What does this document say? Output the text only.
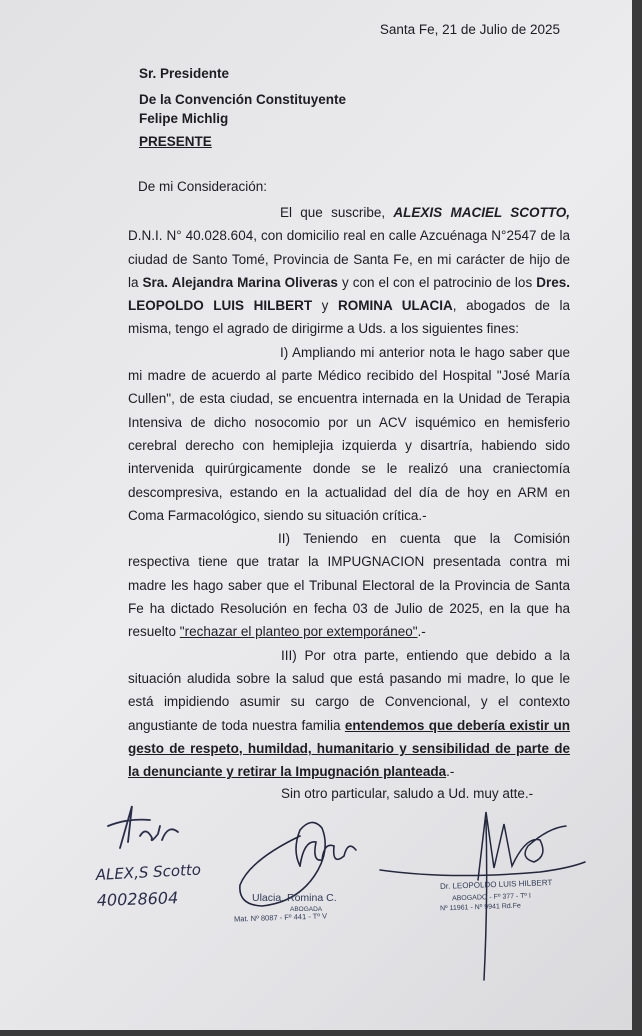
Santa Fe, 21 de Julio de 2025
Sr. Presidente
De la Convención Constituyente
Felipe Michlig
PRESENTE
De mi Consideración:

El que suscribe, ALEXIS MACIEL SCOTTO, D.N.I. N° 40.028.604, con domicilio real en calle Azcuénaga N°2547 de la ciudad de Santo Tomé, Provincia de Santa Fe, en mi carácter de hijo de la Sra. Alejandra Marina Oliveras y con el con el patrocinio de los Dres. LEOPOLDO LUIS HILBERT y ROMINA ULACIA, abogados de la misma, tengo el agrado de dirigirme a Uds. a los siguientes fines:

I) Ampliando mi anterior nota le hago saber que mi madre de acuerdo al parte Médico recibido del Hospital "José María Cullen", de esta ciudad, se encuentra internada en la Unidad de Terapia Intensiva de dicho nosocomio por un ACV isquémico en hemisferio cerebral derecho con hemiplejia izquierda y disartría, habiendo sido intervenida quirúrgicamente donde se le realizó una craniectomía descompresiva, estando en la actualidad del día de hoy en ARM en Coma Farmacológico, siendo su situación crítica.-

II) Teniendo en cuenta que la Comisión respectiva tiene que tratar la IMPUGNACION presentada contra mi madre les hago saber que el Tribunal Electoral de la Provincia de Santa Fe ha dictado Resolución en fecha 03 de Julio de 2025, en la que ha resuelto "rechazar el planteo por extemporáneo".-

III) Por otra parte, entiendo que debido a la situación aludida sobre la salud que está pasando mi madre, lo que le está impidiendo asumir su cargo de Convencional, y el contexto angustiante de toda nuestra familia entendemos que debería existir un gesto de respeto, humildad, humanitario y sensibilidad de parte de la denunciante y retirar la Impugnación planteada.-

Sin otro particular, saludo a Ud. muy atte.-
ALEX,S Scotto
40028604	Ulacia, Romina C.
ABOGADA
Mat. Nº 8087 - Fº 441 - Tº V
Dr. LEOPOLDO LUIS HILBERT
ABOGADO - Fº 377 - Tº I
Nº 11961 - Nº 9941 Rd.Fe
